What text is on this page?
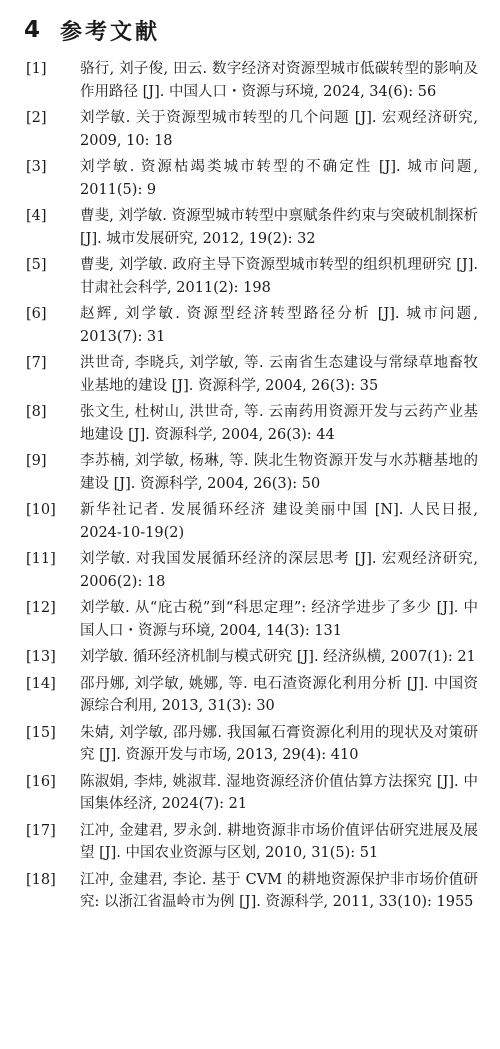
4 参考文献
[1]	骆行, 刘子俊, 田云. 数字经济对资源型城市低碳转型的影响及作用路径 [J]. 中国人口・资源与环境, 2024, 34(6): 56
[2]	刘学敏. 关于资源型城市转型的几个问题 [J]. 宏观经济研究, 2009, 10: 18
[3]	刘学敏. 资源枯竭类城市转型的不确定性 [J]. 城市问题, 2011(5): 9
[4]	曹斐, 刘学敏. 资源型城市转型中禀赋条件约束与突破机制探析 [J]. 城市发展研究, 2012, 19(2): 32
[5]	曹斐, 刘学敏. 政府主导下资源型城市转型的组织机理研究 [J]. 甘肃社会科学, 2011(2): 198
[6]	赵辉, 刘学敏. 资源型经济转型路径分析 [J]. 城市问题, 2013(7): 31
[7]	洪世奇, 李晓兵, 刘学敏, 等. 云南省生态建设与常绿草地畜牧业基地的建设 [J]. 资源科学, 2004, 26(3): 35
[8]	张文生, 杜树山, 洪世奇, 等. 云南药用资源开发与云药产业基地建设 [J]. 资源科学, 2004, 26(3): 44
[9]	李苏楠, 刘学敏, 杨琳, 等. 陕北生物资源开发与水苏糖基地的建设 [J]. 资源科学, 2004, 26(3): 50
[10]	新华社记者. 发展循环经济 建设美丽中国 [N]. 人民日报, 2024-10-19(2)
[11]	刘学敏. 对我国发展循环经济的深层思考 [J]. 宏观经济研究, 2006(2): 18
[12]	刘学敏. 从“庇古税”到“科思定理”: 经济学进步了多少 [J]. 中国人口・资源与环境, 2004, 14(3): 131
[13]	刘学敏. 循环经济机制与模式研究 [J]. 经济纵横, 2007(1): 21
[14]	邵丹娜, 刘学敏, 姚娜, 等. 电石渣资源化利用分析 [J]. 中国资源综合利用, 2013, 31(3): 30
[15]	朱婧, 刘学敏, 邵丹娜. 我国氟石膏资源化利用的现状及对策研究 [J]. 资源开发与市场, 2013, 29(4): 410
[16]	陈淑娟, 李炜, 姚淑茸. 湿地资源经济价值估算方法探究 [J]. 中国集体经济, 2024(7): 21
[17]	江冲, 金建君, 罗永剑. 耕地资源非市场价值评估研究进展及展望 [J]. 中国农业资源与区划, 2010, 31(5): 51
[18]	江冲, 金建君, 李论. 基于 CVM 的耕地资源保护非市场价值研究: 以浙江省温岭市为例 [J]. 资源科学, 2011, 33(10): 1955
